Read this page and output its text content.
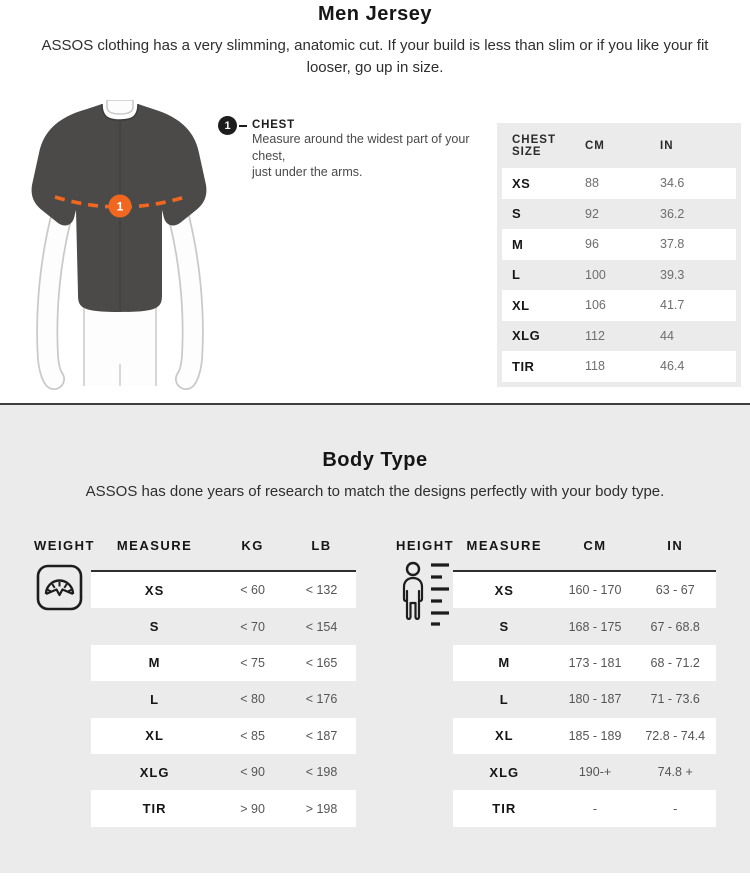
Men Jersey

ASSOS clothing has a very slimming, anatomic cut. If your build is less than slim or if you like your fit looser, go up in size.

1
1	CHEST
Measure around the widest part of your chest,
just under the arms.
CHEST SIZE	CM	IN
XS	88	34.6
S	92	36.2
M	96	37.8
L	100	39.3
XL	106	41.7
XLG	112	44
TIR	118	46.4
Body Type

ASSOS has done years of research to match the designs perfectly with your body type.

WEIGHT	MEASURE	KG	LB
XS	< 60	< 132
S	< 70	< 154
M	< 75	< 165
L	< 80	< 176
XL	< 85	< 187
XLG	< 90	< 198
TIR	> 90	> 198
HEIGHT MEASURE	CM	IN
XS	160 - 170	63 - 67
S	168 - 175	67 - 68.8
M	173 - 181	68 - 71.2
L	180 - 187	71 - 73.6
XL	185 - 189	72.8 - 74.4
XLG	190-+	74.8 +
TIR	-	-
